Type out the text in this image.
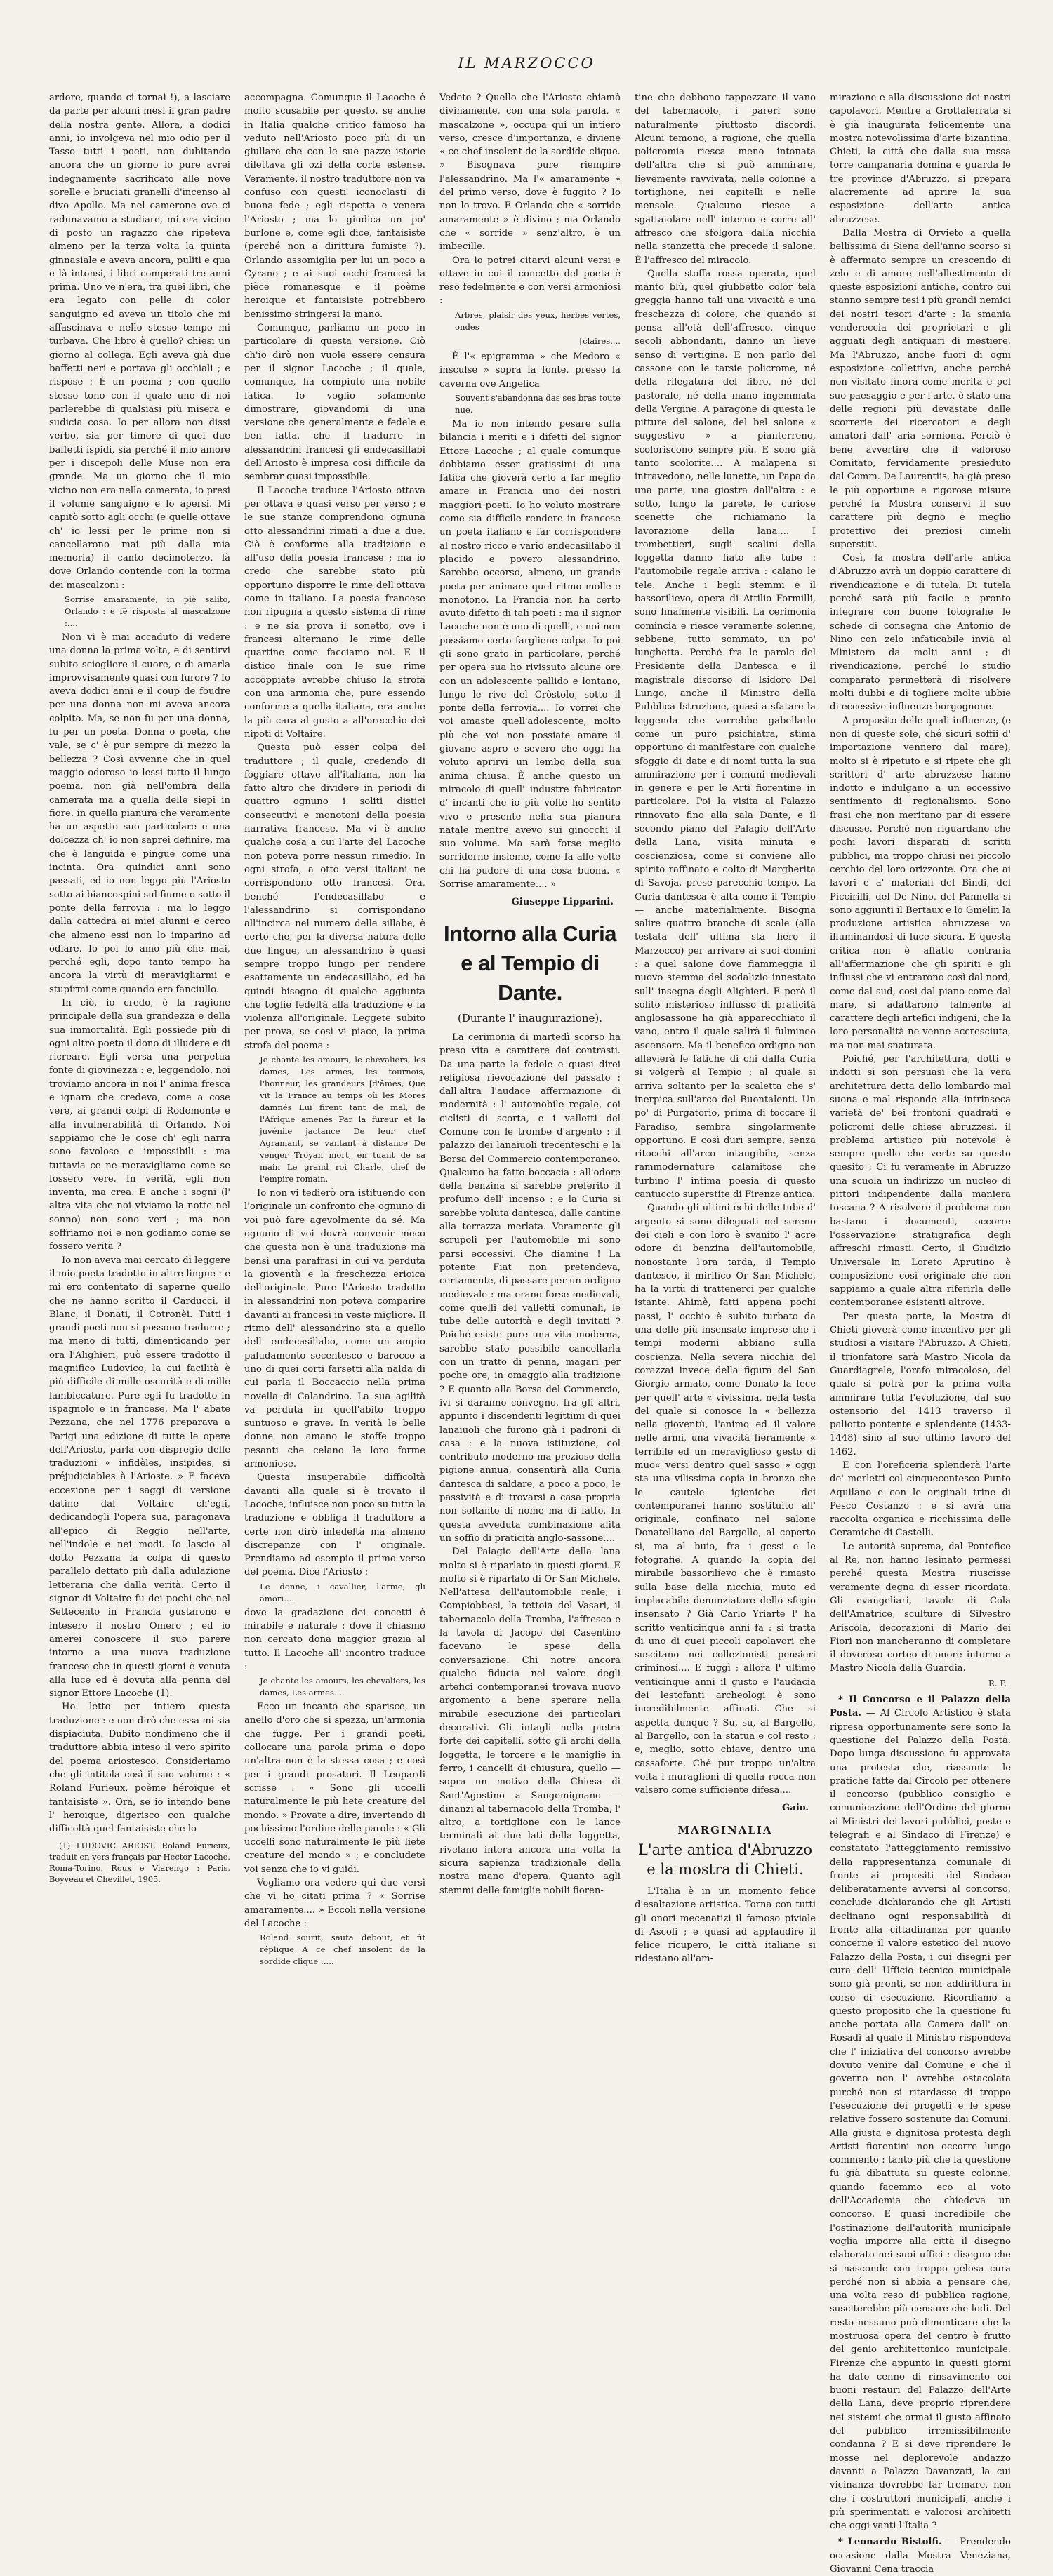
IL MARZOCCO

ardore, quando ci tornai !), a lasciare da parte per alcuni mesi il gran padre della nostra gente. Allora, a dodici anni, io involgeva nel mio odio per il Tasso tutti i poeti, non dubitando ancora che un giorno io pure avrei indegnamente sacrificato alle nove sorelle e bruciati granelli d'incenso al divo Apollo. Ma nel camerone ove ci radunavamo a studiare, mi era vicino di posto un ragazzo che ripeteva almeno per la terza volta la quinta ginnasiale e aveva ancora, puliti e qua e là intonsi, i libri comperati tre anni prima. Uno ve n'era, tra quei libri, che era legato con pelle di color sanguigno ed aveva un titolo che mi affascinava e nello stesso tempo mi turbava. Che libro è quello? chiesi un giorno al collega. Egli aveva già due baffetti neri e portava gli occhiali ; e rispose : È un poema ; con quello stesso tono con il quale uno di noi parlerebbe di qualsiasi più misera e sudicia cosa. Io per allora non dissi verbo, sia per timore di quei due baffetti ispidi, sia perché il mio amore per i discepoli delle Muse non era grande. Ma un giorno che il mio vicino non era nella camerata, io presi il volume sanguigno e lo apersi. Mi capitò sotto agli occhi (e quelle ottave ch' io lessi per le prime non si cancellarono mai più dalla mia memoria) il canto decimoterzo, là dove Orlando contende con la torma dei mascalzoni :

Sorrise amaramente, in piè salito, Orlando : e fè risposta al mascalzone :....

Non vi è mai accaduto di vedere una donna la prima volta, e di sentirvi subito sciogliere il cuore, e di amarla improvvisamente quasi con furore ? Io aveva dodici anni e il coup de foudre per una donna non mi aveva ancora colpito. Ma, se non fu per una donna, fu per un poeta. Donna o poeta, che vale, se c' è pur sempre di mezzo la bellezza ? Così avvenne che in quel maggio odoroso io lessi tutto il lungo poema, non già nell'ombra della camerata ma a quella delle siepi in fiore, in quella pianura che veramente ha un aspetto suo particolare e una dolcezza ch' io non saprei definire, ma che è languida e pingue come una incinta. Ora quindici anni sono passati, ed io non leggo più l'Ariosto sotto ai biancospini sul fiume o sotto il ponte della ferrovia : ma lo leggo dalla cattedra ai miei alunni e cerco che almeno essi non lo imparino ad odiare. Io poi lo amo più che mai, perché egli, dopo tanto tempo ha ancora la virtù di meravigliarmi e stupirmi come quando ero fanciullo.

In ciò, io credo, è la ragione principale della sua grandezza e della sua immortalità. Egli possiede più di ogni altro poeta il dono di illudere e di ricreare. Egli versa una perpetua fonte di giovinezza : e, leggendolo, noi troviamo ancora in noi l' anima fresca e ignara che credeva, come a cose vere, ai grandi colpi di Rodomonte e alla invulnerabilità di Orlando. Noi sappiamo che le cose ch' egli narra sono favolose e impossibili : ma tuttavia ce ne meravigliamo come se fossero vere. In verità, egli non inventa, ma crea. E anche i sogni (l' altra vita che noi viviamo la notte nel sonno) non sono veri ; ma non soffriamo noi e non godiamo come se fossero verità ?

Io non aveva mai cercato di leggere il mio poeta tradotto in altre lingue : e mi ero contentato di saperne quello che ne hanno scritto il Carducci, il Blanc, il Donati, il Cotronèi. Tutti i grandi poeti non si possono tradurre ; ma meno di tutti, dimenticando per ora l'Alighieri, può essere tradotto il magnifico Ludovico, la cui facilità è più difficile di mille oscurità e di mille lambiccature. Pure egli fu tradotto in ispagnolo e in francese. Ma l' abate Pezzana, che nel 1776 preparava a Parigi una edizione di tutte le opere dell'Ariosto, parla con dispregio delle traduzioni « infidèles, insipides, si préjudiciables à l'Arioste. » E faceva eccezione per i saggi di versione datine dal Voltaire ch'egli, dedicandogli l'opera sua, paragonava all'epico di Reggio nell'arte, nell'indole e nei modi. Io lascio al dotto Pezzana la colpa di questo parallelo dettato più dalla adulazione letteraria che dalla verità. Certo il signor di Voltaire fu dei pochi che nel Settecento in Francia gustarono e intesero il nostro Omero ; ed io amerei conoscere il suo parere intorno a una nuova traduzione francese che in questi giorni è venuta alla luce ed è dovuta alla penna del signor Ettore Lacoche (1).

Ho letto per intiero questa traduzione : e non dirò che essa mi sia dispiaciuta. Dubito nondimeno che il traduttore abbia inteso il vero spirito del poema ariostesco. Consideriamo che gli intitola così il suo volume : « Roland Furieux, poème héroïque et fantaisiste ». Ora, se io intendo bene l' heroique, digerisco con qualche difficoltà quel fantaisiste che lo

(1) LUDOVIC ARIOST, Roland Furieux, traduit en vers français par Hector Lacoche. Roma-Torino, Roux e Viarengo : Paris, Boyveau et Chevillet, 1905.

accompagna. Comunque il Lacoche è molto scusabile per questo, se anche in Italia qualche critico famoso ha veduto nell'Ariosto poco più di un giullare che con le sue pazze istorie dilettava gli ozi della corte estense. Veramente, il nostro traduttore non va confuso con questi iconoclasti di buona fede ; egli rispetta e venera l'Ariosto ; ma lo giudica un po' burlone e, come egli dice, fantaisiste (perché non a dirittura fumiste ?). Orlando assomiglia per lui un poco a Cyrano ; e ai suoi occhi francesi la pièce romanesque e il poème heroique et fantaisiste potrebbero benissimo stringersi la mano.

Comunque, parliamo un poco in particolare di questa versione. Ciò ch'io dirò non vuole essere censura per il signor Lacoche ; il quale, comunque, ha compiuto una nobile fatica. Io voglio solamente dimostrare, giovandomi di una versione che generalmente è fedele e ben fatta, che il tradurre in alessandrini francesi gli endecasillabi dell'Ariosto è impresa così difficile da sembrar quasi impossibile.

Il Lacoche traduce l'Ariosto ottava per ottava e quasi verso per verso ; e le sue stanze comprendono ognuna otto alessandrini rimati a due a due. Ciò è conforme alla tradizione e all'uso della poesia francese ; ma io credo che sarebbe stato più opportuno disporre le rime dell'ottava come in italiano. La poesia francese non ripugna a questo sistema di rime : e ne sia prova il sonetto, ove i francesi alternano le rime delle quartine come facciamo noi. E il distico finale con le sue rime accoppiate avrebbe chiuso la strofa con una armonia che, pure essendo conforme a quella italiana, era anche la più cara al gusto a all'orecchio dei nipoti di Voltaire.

Questa può esser colpa del traduttore ; il quale, credendo di foggiare ottave all'italiana, non ha fatto altro che dividere in periodi di quattro ognuno i soliti distici consecutivi e monotoni della poesia narrativa francese. Ma vi è anche qualche cosa a cui l'arte del Lacoche non poteva porre nessun rimedio. In ogni strofa, a otto versi italiani ne corrispondono otto francesi. Ora, benché l'endecasillabo e l'alessandrino si corrispondano all'incirca nel numero delle sillabe, è certo che, per la diversa natura delle due lingue, un alessandrino è quasi sempre troppo lungo per rendere esattamente un endecasillabo, ed ha quindi bisogno di qualche aggiunta che toglie fedeltà alla traduzione e fa violenza all'originale. Leggete subito per prova, se così vi piace, la prima strofa del poema :

Je chante les amours, le chevaliers, les dames, Les armes, les tournois, l'honneur, les grandeurs [d'âmes, Que vit la France au temps où les Mores damnés Lui firent tant de mal, de l'Afrique amenés Par la fureur et la juvénile jactance De leur chef Agramant, se vantant à distance De venger Troyan mort, en tuant de sa main Le grand roi Charle, chef de l'empire romain.

Io non vi tedierò ora istituendo con l'originale un confronto che ognuno di voi può fare agevolmente da sé. Ma ognuno di voi dovrà convenir meco che questa non è una traduzione ma bensì una parafrasi in cui va perduta la gioventù e la freschezza erioica dell'originale. Pure l'Ariosto tradotto in alessandrini non poteva comparire davanti ai francesi in veste migliore. Il ritmo dell' alessandrino sta a quello dell' endecasillabo, come un ampio paludamento secentesco e barocco a uno di quei corti farsetti alla nalda di cui parla il Boccaccio nella prima novella di Calandrino. La sua agilità va perduta in quell'abito troppo suntuoso e grave. In verità le belle donne non amano le stoffe troppo pesanti che celano le loro forme armoniose.

Questa insuperabile difficoltà davanti alla quale si è trovato il Lacoche, influisce non poco su tutta la traduzione e obbliga il traduttore a certe non dirò infedeltà ma almeno discrepanze con l' originale. Prendiamo ad esempio il primo verso del poema. Dice l'Ariosto :

Le donne, i cavallier, l'arme, gli amori....

dove la gradazione dei concetti è mirabile e naturale : dove il chiasmo non cercato dona maggior grazia al tutto. Il Lacoche all' incontro traduce :

Je chante les amours, les chevaliers, les dames, Les armes....

Ecco un incanto che sparisce, un anello d'oro che si spezza, un'armonia che fugge. Per i grandi poeti, collocare una parola prima o dopo un'altra non è la stessa cosa ; e così per i grandi prosatori. Il Leopardi scrisse : « Sono gli uccelli naturalmente le più liete creature del mondo. » Provate a dire, invertendo di pochissimo l'ordine delle parole : « Gli uccelli sono naturalmente le più liete creature del mondo » ; e concludete voi senza che io vi guidi.

Vogliamo ora vedere qui due versi che vi ho citati prima ? « Sorrise amaramente.... » Eccoli nella versione del Lacoche :

Roland sourit, sauta debout, et fit réplique A ce chef insolent de la sordide clique :....

Vedete ? Quello che l'Ariosto chiamò divinamente, con una sola parola, « mascalzone », occupa qui un intiero verso, cresce d'importanza, e diviene « ce chef insolent de la sordide clique. » Bisognava pure riempire l'alessandrino. Ma l'« amaramente » del primo verso, dove è fuggito ? Io non lo trovo. E Orlando che « sorride amaramente » è divino ; ma Orlando che « sorride » senz'altro, è un imbecille.

Ora io potrei citarvi alcuni versi e ottave in cui il concetto del poeta è reso fedelmente e con versi armoniosi :

Arbres, plaisir des yeux, herbes vertes, ondes

[claires....

È l'« epigramma » che Medoro « insculse » sopra la fonte, presso la caverna ove Angelica

Souvent s'abandonna das ses bras toute nue.

Ma io non intendo pesare sulla bilancia i meriti e i difetti del signor Ettore Lacoche ; al quale comunque dobbiamo esser gratissimi di una fatica che gioverà certo a far meglio amare in Francia uno dei nostri maggiori poeti. Io ho voluto mostrare come sia difficile rendere in francese un poeta italiano e far corrispondere al nostro ricco e vario endecasillabo il placido e povero alessandrino. Sarebbe occorso, almeno, un grande poeta per animare quel ritmo molle e monotono. La Francia non ha certo avuto difetto di tali poeti : ma il signor Lacoche non è uno di quelli, e noi non possiamo certo fargliene colpa. Io poi gli sono grato in particolare, perché per opera sua ho rivissuto alcune ore con un adolescente pallido e lontano, lungo le rive del Cròstolo, sotto il ponte della ferrovia.... Io vorrei che voi amaste quell'adolescente, molto più che voi non possiate amare il giovane aspro e severo che oggi ha voluto aprirvi un lembo della sua anima chiusa. È anche questo un miracolo di quell' industre fabricator d' incanti che io più volte ho sentito vivo e presente nella sua pianura natale mentre avevo sui ginocchi il suo volume. Ma sarà forse meglio sorriderne insieme, come fa alle volte chi ha pudore di una cosa buona. « Sorrise amaramente.... »

Giuseppe Lipparini.

Intorno alla Curia e al Tempio di Dante.
(Durante l' inaugurazione).

La cerimonia di martedì scorso ha preso vita e carattere dai contrasti. Da una parte la fedele e quasi direi religiosa rievocazione del passato : dall'altra l'audace affermazione di modernità : l' automobile regale, coi ciclisti di scorta, e i valletti del Comune con le trombe d'argento : il palazzo dei lanaiuoli trecenteschi e la Borsa del Commercio contemporaneo. Qualcuno ha fatto boccacia : all'odore della benzina si sarebbe preferito il profumo dell' incenso : e la Curia si sarebbe voluta dantesca, dalle cantine alla terrazza merlata. Veramente gli scrupoli per l'automobile mi sono parsi eccessivi. Che diamine ! La potente Fiat non pretendeva, certamente, di passare per un ordigno medievale : ma erano forse medievali, come quelli del valletti comunali, le tube delle autorità e degli invitati ? Poiché esiste pure una vita moderna, sarebbe stato possibile cancellarla con un tratto di penna, magari per poche ore, in omaggio alla tradizione ? E quanto alla Borsa del Commercio, ivi si daranno convegno, fra gli altri, appunto i discendenti legittimi di quei lanaiuoli che furono già i padroni di casa : e la nuova istituzione, col contributo moderno ma prezioso della pigione annua, consentirà alla Curia dantesca di saldare, a poco a poco, le passività e di trovarsi a casa propria non soltanto di nome ma di fatto. In questa avveduta combinazione alita un soffio di praticità anglo-sassone....

Del Palagio dell'Arte della lana molto si è riparlato in questi giorni. E molto si è riparlato di Or San Michele. Nell'attesa dell'automobile reale, i Compiobbesi, la tettoia del Vasari, il tabernacolo della Tromba, l'affresco e la tavola di Jacopo del Casentino facevano le spese della conversazione. Chi notre ancora qualche fiducia nel valore degli artefici contemporanei trovava nuovo argomento a bene sperare nella mirabile esecuzione dei particolari decorativi. Gli intagli nella pietra forte dei capitelli, sotto gli archi della loggetta, le torcere e le maniglie in ferro, i cancelli di chiusura, quello — sopra un motivo della Chiesa di Sant'Agostino a Sangemignano — dinanzi al tabernacolo della Tromba, l' altro, a tortiglione con le lance terminali ai due lati della loggetta, rivelano intera ancora una volta la sicura sapienza tradizionale della nostra mano d'opera. Quanto agli stemmi delle famiglie nobili fioren-

tine che debbono tappezzare il vano del tabernacolo, i pareri sono naturalmente piuttosto discordi. Alcuni temono, a ragione, che quella policromia riesca meno intonata dell'altra che si può ammirare, lievemente ravvivata, nelle colonne a tortiglione, nei capitelli e nelle mensole. Qualcuno riesce a sgattaiolare nell' interno e corre all' affresco che sfolgora dalla nicchia nella stanzetta che precede il salone. È l'affresco del miracolo.

Quella stoffa rossa operata, quel manto blù, quel giubbetto color tela greggia hanno tali una vivacità e una freschezza di colore, che quando si pensa all'età dell'affresco, cinque secoli abbondanti, danno un lieve senso di vertigine. E non parlo del cassone con le tarsie policrome, né della rilegatura del libro, né del pastorale, né della mano ingemmata della Vergine. A paragone di questa le pitture del salone, del bel salone « suggestivo » a pianterreno, scoloriscono sempre più. E sono già tanto scolorite.... A malapena si intravedono, nelle lunette, un Papa da una parte, una giostra dall'altra : e sotto, lungo la parete, le curiose scenette che richiamano la lavorazione della lana.... I trombettieri, sugli scalini della loggetta danno fiato alle tube : l'automobile regale arriva : calano le tele. Anche i begli stemmi e il bassorilievo, opera di Attilio Formilli, sono finalmente visibili. La cerimonia comincia e riesce veramente solenne, sebbene, tutto sommato, un po' lunghetta. Perché fra le parole del Presidente della Dantesca e il magistrale discorso di Isidoro Del Lungo, anche il Ministro della Pubblica Istruzione, quasi a sfatare la leggenda che vorrebbe gabellarlo come un puro psichiatra, stima opportuno di manifestare con qualche sfoggio di date e di nomi tutta la sua ammirazione per i comuni medievali in genere e per le Arti fiorentine in particolare. Poi la visita al Palazzo rinnovato fino alla sala Dante, e il secondo piano del Palagio dell'Arte della Lana, visita minuta e coscienziosa, come si conviene allo spirito raffinato e colto di Margherita di Savoja, prese parecchio tempo. La Curia dantesca è alta come il Tempio — anche materialmente. Bisogna salire quattro branche di scale (alla testata dell' ultima sta fiero il Marzocco) per arrivare ai suoi domini : a quel salone dove fiammeggia il nuovo stemma del sodalizio innestato sull' insegna degli Alighieri. E però il solito misterioso influsso di praticità anglosassone ha già apparecchiato il vano, entro il quale salirà il fulmineo ascensore. Ma il benefico ordigno non allevierà le fatiche di chi dalla Curia si volgerà al Tempio ; al quale si arriva soltanto per la scaletta che s' inerpica sull'arco del Buontalenti. Un po' di Purgatorio, prima di toccare il Paradiso, sembra singolarmente opportuno. E così duri sempre, senza ritocchi all'arco intangibile, senza rammodernature calamitose che turbino l' intima poesia di questo cantuccio superstite di Firenze antica.

Quando gli ultimi echi delle tube d' argento si sono dileguati nel sereno dei cieli e con loro è svanito l' acre odore di benzina dell'automobile, nonostante l'ora tarda, il Tempio dantesco, il mirifico Or San Michele, ha la virtù di trattenerci per qualche istante. Ahimè, fatti appena pochi passi, l' occhio è subito turbato da una delle più insensate imprese che i tempi moderni abbiano sulla coscienza. Nella severa nicchia del corazzai invece della figura del San Giorgio armato, come Donato la fece per quell' arte « vivissima, nella testa del quale si conosce la « bellezza nella gioventù, l'animo ed il valore nelle armi, una vivacità fieramente « terribile ed un meraviglioso gesto di muo« versi dentro quel sasso » oggi sta una vilissima copia in bronzo che le cautele igieniche dei contemporanei hanno sostituito all' originale, confinato nel salone Donatelliano del Bargello, al coperto sì, ma al buio, fra i gessi e le fotografie. A quando la copia del mirabile bassorilievo che è rimasto sulla base della nicchia, muto ed implacabile denunziatore dello sfegio insensato ? Già Carlo Yriarte l' ha scritto venticinque anni fa : si tratta di uno di quei piccoli capolavori che suscitano nei collezionisti pensieri criminosi.... E fuggì ; allora l' ultimo venticinque anni il gusto e l'audacia dei lestofanti archeologi è sono incredibilmente affinati. Che si aspetta dunque ? Su, su, al Bargello, al Bargello, con la statua e col resto : e, meglio, sotto chiave, dentro una cassaforte. Ché pur troppo un'altra volta i muraglioni di quella rocca non valsero come sufficiente difesa....

Gaio.

MARGINALIA
L'arte antica d'Abruzzo e la mostra di Chieti.

L'Italia è in un momento felice d'esaltazione artistica. Torna con tutti gli onori mecenatizi il famoso piviale di Ascoli ; e quasi ad applaudire il felice ricupero, le città italiane si ridestano all'am-

mirazione e alla discussione dei nostri capolavori. Mentre a Grottaferrata si è già inaugurata felicemente una mostra notevolissima d'arte bizantina, Chieti, la città che dalla sua rossa torre campanaria domina e guarda le tre province d'Abruzzo, si prepara alacremente ad aprire la sua esposizione dell'arte antica abruzzese.

Dalla Mostra di Orvieto a quella bellissima di Siena dell'anno scorso si è affermato sempre un crescendo di zelo e di amore nell'allestimento di queste esposizioni antiche, contro cui stanno sempre tesi i più grandi nemici dei nostri tesori d'arte : la smania vendereccia dei proprietari e gli agguati degli antiquari di mestiere. Ma l'Abruzzo, anche fuori di ogni esposizione collettiva, anche perché non visitato finora come merita e pel suo paesaggio e per l'arte, è stato una delle regioni più devastate dalle scorrerie dei ricercatori e degli amatori dall' aria sorniona. Perciò è bene avvertire che il valoroso Comitato, fervidamente presieduto dal Comm. De Laurentiis, ha già preso le più opportune e rigorose misure perché la Mostra conservi il suo carattere più degno e meglio protettivo dei preziosi cimelii superstiti.

Così, la mostra dell'arte antica d'Abruzzo avrà un doppio carattere di rivendicazione e di tutela. Di tutela perché sarà più facile e pronto integrare con buone fotografie le schede di consegna che Antonio de Nino con zelo infaticabile invia al Ministero da molti anni ; di rivendicazione, perché lo studio comparato permetterà di risolvere molti dubbi e di togliere molte ubbie di eccessive influenze borgognone.

A proposito delle quali influenze, (e non di queste sole, ché sicuri soffii d' importazione vennero dal mare), molto si è ripetuto e si ripete che gli scrittori d' arte abruzzese hanno indotto e indulgano a un eccessivo sentimento di regionalismo. Sono frasi che non meritano par di essere discusse. Perché non riguardano che pochi lavori disparati di scritti pubblici, ma troppo chiusi nei piccolo cerchio del loro orizzonte. Ora che ai lavori e a' materiali del Bindi, del Piccirilli, del De Nino, del Pannella si sono aggiunti il Bertaux e lo Gmelin la produzione artistica abruzzese va illuminandosi di luce sicura. E questa critica non è affatto contraria all'affermazione che gli spiriti e gli influssi che vi entrarono così dal nord, come dal sud, così dal piano come dal mare, si adattarono talmente al carattere degli artefici indigeni, che la loro personalità ne venne accresciuta, ma non mai snaturata.

Poiché, per l'architettura, dotti e indotti si son persuasi che la vera architettura detta dello lombardo mal suona e mal risponde alla intrinseca varietà de' bei frontoni quadrati e policromi delle chiese abruzzesi, il problema artistico più notevole è sempre quello che verte su questo quesito : Ci fu veramente in Abruzzo una scuola un indirizzo un nucleo di pittori indipendente dalla maniera toscana ? A risolvere il problema non bastano i documenti, occorre l'osservazione stratigrafica degli affreschi rimasti. Certo, il Giudizio Universale in Loreto Aprutino è composizione così originale che non sappiamo a quale altra riferirla delle contemporanee esistenti altrove.

Per questa parte, la Mostra di Chieti gioverà come incentivo per gli studiosi a visitare l'Abruzzo. A Chieti, il trionfatore sarà Mastro Nicola da Guardiagrele, l'orafo miracoloso, del quale si potrà per la prima volta ammirare tutta l'evoluzione, dal suo ostensorio del 1413 traverso il paliotto pontente e splendente (1433-1448) sino al suo ultimo lavoro del 1462.

E con l'oreficeria splenderà l'arte de' merletti col cinquecentesco Punto Aquilano e con le originali trine di Pesco Costanzo : e si avrà una raccolta organica e ricchissima delle Ceramiche di Castelli.

Le autorità suprema, dal Pontefice al Re, non hanno lesinato permessi perché questa Mostra riuscisse veramente degna di esser ricordata. Gli evangeliari, tavole di Cola dell'Amatrice, sculture di Silvestro Ariscola, decorazioni di Mario dei Fiori non mancheranno di completare il doveroso corteo di onore intorno a Mastro Nicola della Guardia.

R. P.

* Il Concorso e il Palazzo della Posta. — Al Circolo Artistico è stata ripresa opportunamente sere sono la questione del Palazzo della Posta. Dopo lunga discussione fu approvata una protesta che, riassunte le pratiche fatte dal Circolo per ottenere il concorso (pubblico consiglio e comunicazione dell'Ordine del giorno ai Ministri dei lavori pubblici, poste e telegrafi e al Sindaco di Firenze) e constatato l'atteggiamento remissivo della rappresentanza comunale di fronte ai propositi del Sindaco deliberatamente avversi al concorso, conclude dichiarando che gli Artisti declinano ogni responsabilità di fronte alla cittadinanza per quanto concerne il valore estetico del nuovo Palazzo della Posta, i cui disegni per cura dell' Ufficio tecnico municipale sono già pronti, se non addirittura in corso di esecuzione. Ricordiamo a questo proposito che la questione fu anche portata alla Camera dall' on. Rosadi al quale il Ministro rispondeva che l' iniziativa del concorso avrebbe dovuto venire dal Comune e che il governo non l' avrebbe ostacolata purché non si ritardasse di troppo l'esecuzione dei progetti e le spese relative fossero sostenute dai Comuni. Alla giusta e dignitosa protesta degli Artisti fiorentini non occorre lungo commento : tanto più che la questione fu già dibattuta su queste colonne, quando facemmo eco al voto dell'Accademia che chiedeva un concorso. E quasi incredibile che l'ostinazione dell'autorità municipale voglia imporre alla città il disegno elaborato nei suoi uffici : disegno che si nasconde con troppo gelosa cura perché non si abbia a pensare che, una volta reso di pubblica ragione, susciterebbe più censure che lodi. Del resto nessuno può dimenticare che la mostruosa opera del centro è frutto del genio architettonico municipale. Firenze che appunto in questi giorni ha dato cenno di rinsavimento coi buoni restauri del Palazzo dell'Arte della Lana, deve proprio riprendere nei sistemi che ormai il gusto affinato del pubblico irremissibilmente condanna ? E si deve riprendere le mosse nel deplorevole andazzo davanti a Palazzo Davanzati, la cui vicinanza dovrebbe far tremare, non che i costruttori municipali, anche i più sperimentati e valorosi architetti che oggi vanti l'Italia ?

* Leonardo Bistolfi. — Prendendo occasione dalla Mostra Veneziana, Giovanni Cena traccia
